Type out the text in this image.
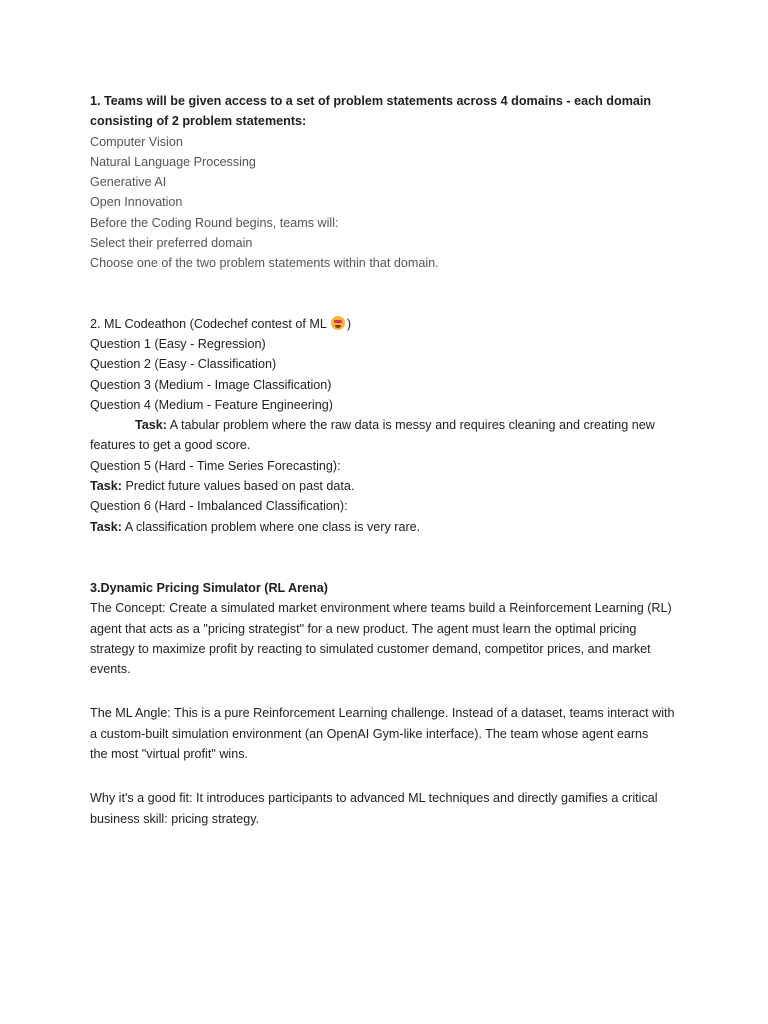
1. Teams will be given access to a set of problem statements across 4 domains - each domain

consisting of 2 problem statements:

Computer Vision

Natural Language Processing

Generative AI

Open Innovation

Before the Coding Round begins, teams will:

Select their preferred domain

Choose one of the two problem statements within that domain.

2. ML Codeathon (Codechef contest of ML )

Question 1 (Easy - Regression)

Question 2 (Easy - Classification)

Question 3 (Medium - Image Classification)

Question 4 (Medium - Feature Engineering)

Task: A tabular problem where the raw data is messy and requires cleaning and creating new

features to get a good score.

Question 5 (Hard - Time Series Forecasting):

Task: Predict future values based on past data.

Question 6 (Hard - Imbalanced Classification):

Task: A classification problem where one class is very rare.

3.Dynamic Pricing Simulator (RL Arena)

The Concept: Create a simulated market environment where teams build a Reinforcement Learning (RL)

agent that acts as a "pricing strategist" for a new product. The agent must learn the optimal pricing

strategy to maximize profit by reacting to simulated customer demand, competitor prices, and market

events.

The ML Angle: This is a pure Reinforcement Learning challenge. Instead of a dataset, teams interact with

a custom-built simulation environment (an OpenAI Gym-like interface). The team whose agent earns

the most "virtual profit" wins.

Why it's a good fit: It introduces participants to advanced ML techniques and directly gamifies a critical

business skill: pricing strategy.
